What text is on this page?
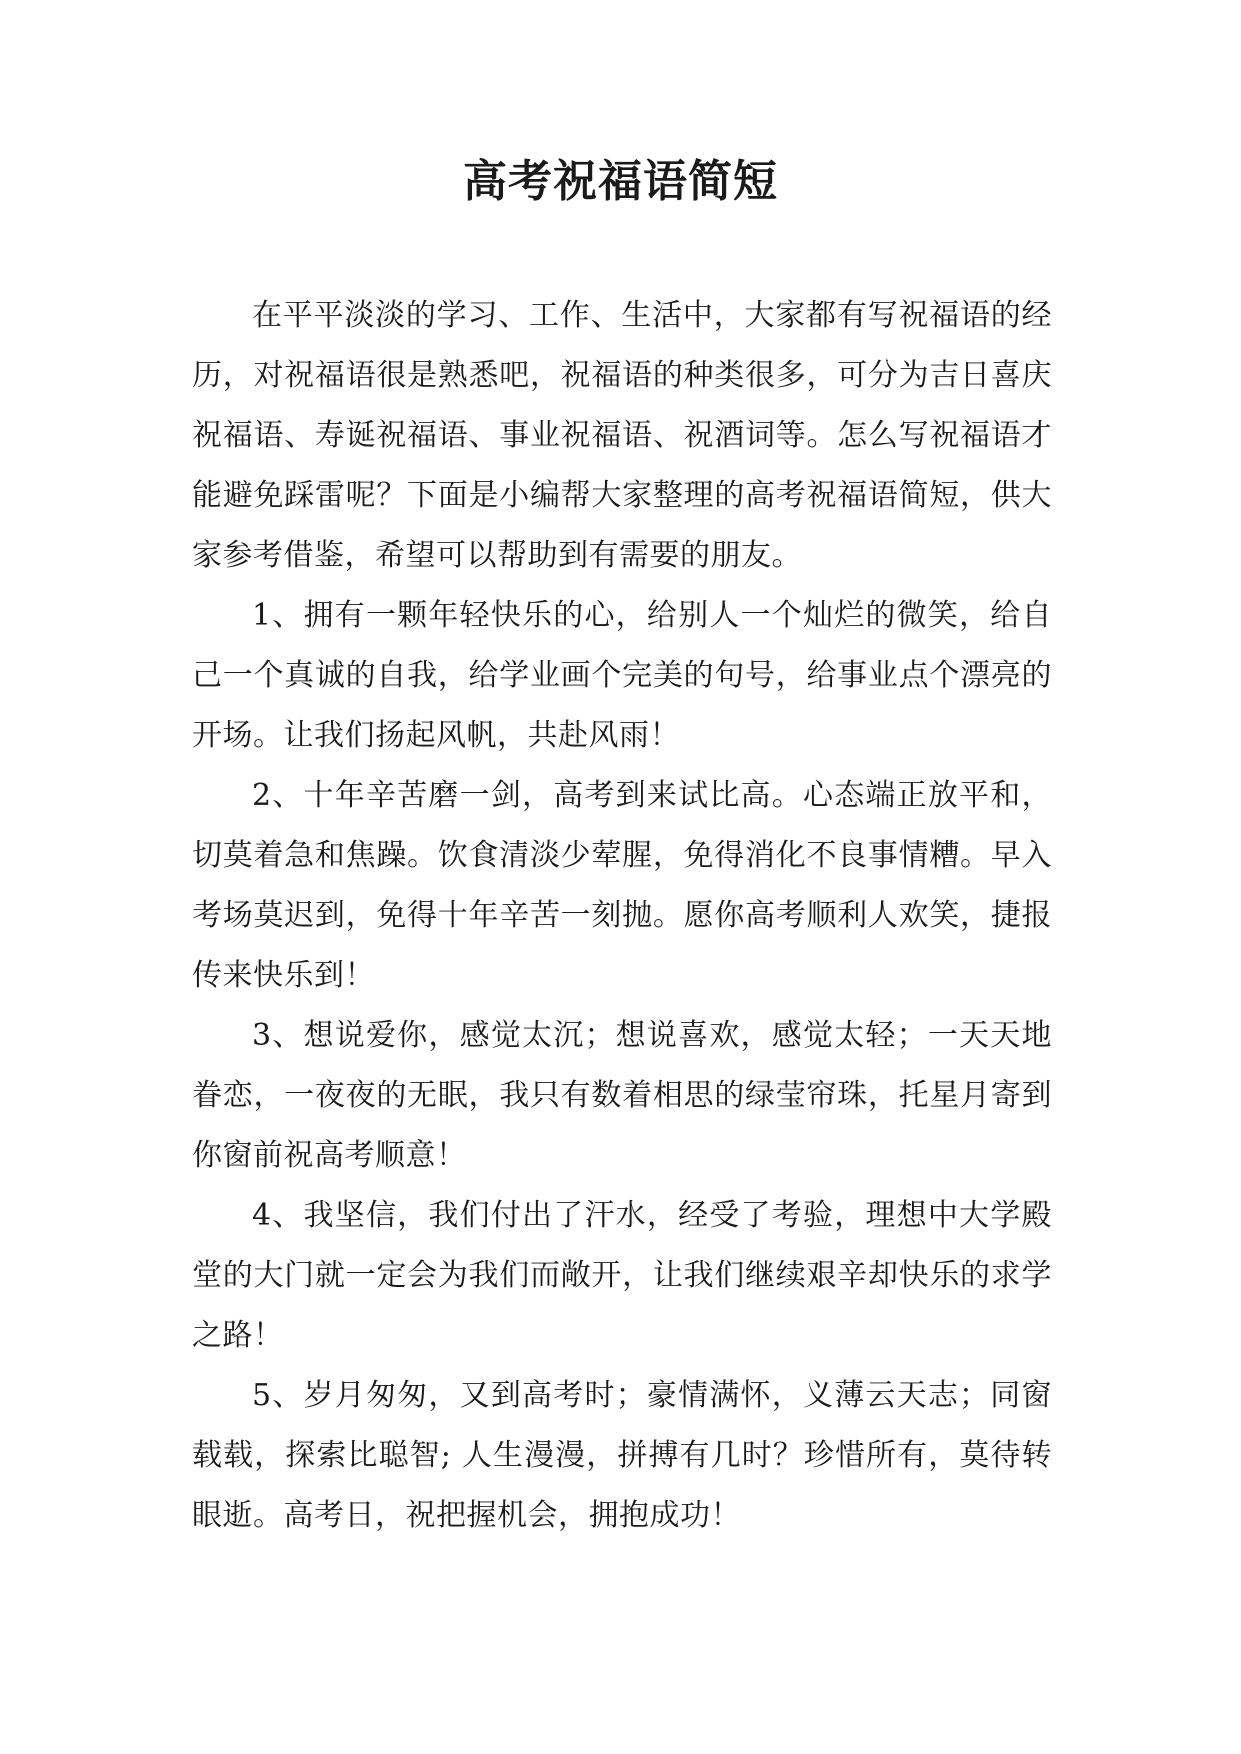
高考祝福语简短

在平平淡淡的学习、工作、生活中，大家都有写祝福语的经历，对祝福语很是熟悉吧，祝福语的种类很多，可分为吉日喜庆祝福语、寿诞祝福语、事业祝福语、祝酒词等。怎么写祝福语才能避免踩雷呢？下面是小编帮大家整理的高考祝福语简短，供大家参考借鉴，希望可以帮助到有需要的朋友。

1、拥有一颗年轻快乐的心，给别人一个灿烂的微笑，给自己一个真诚的自我，给学业画个完美的句号，给事业点个漂亮的开场。让我们扬起风帆，共赴风雨！

2、十年辛苦磨一剑，高考到来试比高。心态端正放平和，切莫着急和焦躁。饮食清淡少荤腥，免得消化不良事情糟。早入考场莫迟到，免得十年辛苦一刻抛。愿你高考顺利人欢笑，捷报传来快乐到！

3、想说爱你，感觉太沉；想说喜欢，感觉太轻；一天天地眷恋，一夜夜的无眠，我只有数着相思的绿莹帘珠，托星月寄到你窗前祝高考顺意！

4、我坚信，我们付出了汗水，经受了考验，理想中大学殿堂的大门就一定会为我们而敞开，让我们继续艰辛却快乐的求学之路！

5、岁月匆匆，又到高考时；豪情满怀，义薄云天志；同窗载载，探索比聪智; 人生漫漫，拼搏有几时？珍惜所有，莫待转眼逝。高考日，祝把握机会，拥抱成功！
